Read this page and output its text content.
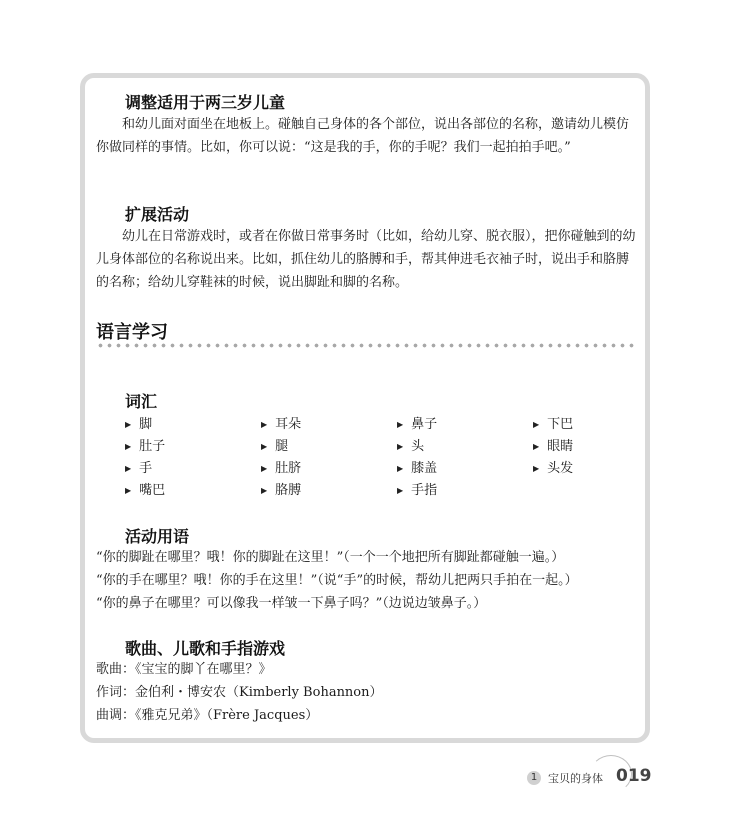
调整适用于两三岁儿童
和幼儿面对面坐在地板上。碰触自己身体的各个部位，说出各部位的名称，邀请幼儿模仿你做同样的事情。比如，你可以说：“这是我的手，你的手呢？我们一起拍拍手吧。”
扩展活动
幼儿在日常游戏时，或者在你做日常事务时（比如，给幼儿穿、脱衣服），把你碰触到的幼儿身体部位的名称说出来。比如，抓住幼儿的胳膊和手，帮其伸进毛衣袖子时，说出手和胳膊的名称；给幼儿穿鞋袜的时候，说出脚趾和脚的名称。
语言学习
词汇
▶ 脚	▶ 耳朵	▶ 鼻子	▶ 下巴
▶ 肚子	▶ 腿	▶ 头	▶ 眼睛
▶ 手	▶ 肚脐	▶ 膝盖	▶ 头发
▶ 嘴巴	▶ 胳膊	▶ 手指
活动用语
“你的脚趾在哪里？哦！你的脚趾在这里！”（一个一个地把所有脚趾都碰触一遍。）
“你的手在哪里？哦！你的手在这里！”（说“手”的时候，帮幼儿把两只手拍在一起。）
“你的鼻子在哪里？可以像我一样皱一下鼻子吗？”（边说边皱鼻子。）
歌曲、儿歌和手指游戏
歌曲：《宝宝的脚丫在哪里？》
作词：金伯利・博安农（Kimberly Bohannon）
曲调：《雅克兄弟》（Frère Jacques）
1 宝贝的身体 019
